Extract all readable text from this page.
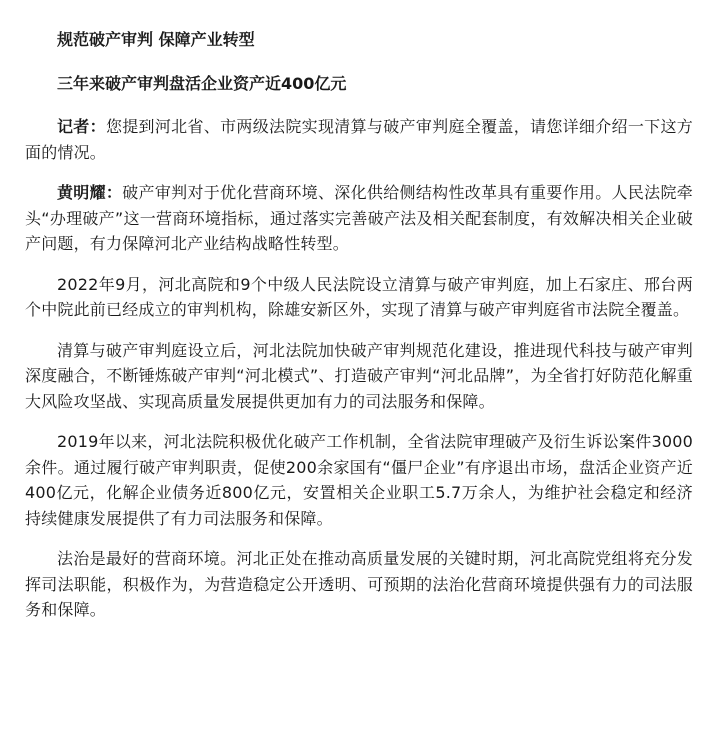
规范破产审判 保障产业转型
三年来破产审判盘活企业资产近400亿元

记者：您提到河北省、市两级法院实现清算与破产审判庭全覆盖，请您详细介绍一下这方面的情况。

黄明耀：破产审判对于优化营商环境、深化供给侧结构性改革具有重要作用。人民法院牵头“办理破产”这一营商环境指标，通过落实完善破产法及相关配套制度，有效解决相关企业破产问题，有力保障河北产业结构战略性转型。

2022年9月，河北高院和9个中级人民法院设立清算与破产审判庭，加上石家庄、邢台两个中院此前已经成立的审判机构，除雄安新区外，实现了清算与破产审判庭省市法院全覆盖。

清算与破产审判庭设立后，河北法院加快破产审判规范化建设，推进现代科技与破产审判深度融合，不断锤炼破产审判“河北模式”、打造破产审判“河北品牌”，为全省打好防范化解重大风险攻坚战、实现高质量发展提供更加有力的司法服务和保障。

2019年以来，河北法院积极优化破产工作机制，全省法院审理破产及衍生诉讼案件3000余件。通过履行破产审判职责，促使200余家国有“僵尸企业”有序退出市场，盘活企业资产近400亿元，化解企业债务近800亿元，安置相关企业职工5.7万余人，为维护社会稳定和经济持续健康发展提供了有力司法服务和保障。

法治是最好的营商环境。河北正处在推动高质量发展的关键时期，河北高院党组将充分发挥司法职能，积极作为，为营造稳定公开透明、可预期的法治化营商环境提供强有力的司法服务和保障。
